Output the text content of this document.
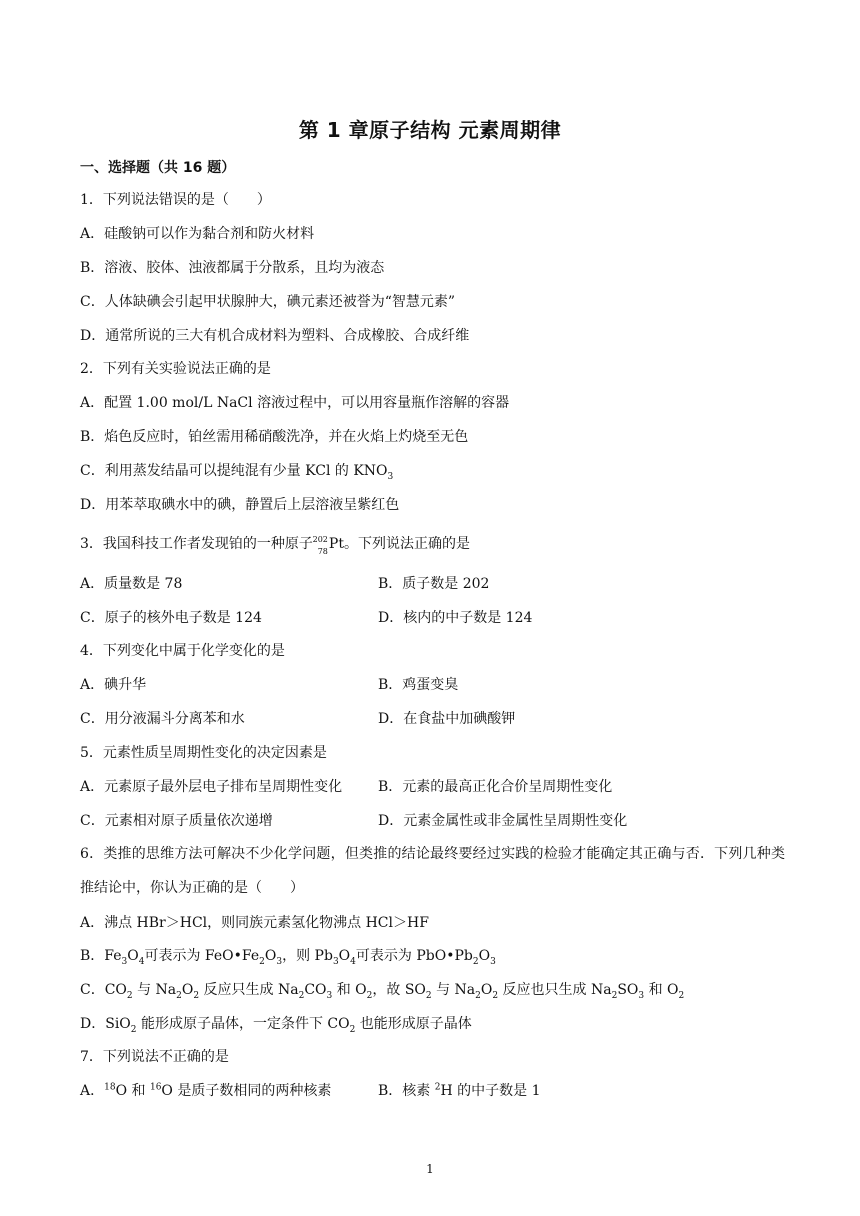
第 1 章原子结构 元素周期律
一、选择题（共 16 题）
1．下列说法错误的是（　　）
A．硅酸钠可以作为黏合剂和防火材料
B．溶液、胶体、浊液都属于分散系，且均为液态
C．人体缺碘会引起甲状腺肿大，碘元素还被誉为“智慧元素”
D．通常所说的三大有机合成材料为塑料、合成橡胶、合成纤维
2．下列有关实验说法正确的是
A．配置 1.00 mol/L NaCl 溶液过程中，可以用容量瓶作溶解的容器
B．焰色反应时，铂丝需用稀硝酸洗净，并在火焰上灼烧至无色
C．利用蒸发结晶可以提纯混有少量 KCl 的 $KNO_3$
D．用苯萃取碘水中的碘，静置后上层溶液呈紫红色
3．我国科技工作者发现铂的一种原子 202
78 Pt。下列说法正确的是
A．质量数是 78	B．质子数是 202
C．原子的核外电子数是 124	D．核内的中子数是 124
4．下列变化中属于化学变化的是
A．碘升华	B．鸡蛋变臭
C．用分液漏斗分离苯和水	D．在食盐中加碘酸钾
5．元素性质呈周期性变化的决定因素是
A．元素原子最外层电子排布呈周期性变化	B．元素的最高正化合价呈周期性变化
C．元素相对原子质量依次递增	D．元素金属性或非金属性呈周期性变化
6．类推的思维方法可解决不少化学问题，但类推的结论最终要经过实践的检验才能确定其正确与否．下列几种类推结论中，你认为正确的是（　　）
A．沸点 HBr＞HCl，则同族元素氢化物沸点 HCl＞HF
B．$Fe_3O_4$可表示为 $FeO•Fe_2O_3$，则 $Pb_3O_4$可表示为 $PbO•Pb_2O_3$
C．$CO_2$ 与 $Na_2O_2$ 反应只生成 $Na_2CO_3$ 和 $O_2$，故 $SO_2$ 与 $Na_2O_2$ 反应也只生成 $Na_2SO_3$ 和 $O_2$
D．SiO$_2$ 能形成原子晶体，一定条件下 $CO_2$ 也能形成原子晶体
7．下列说法不正确的是
A．$^{18}$O 和 $^{16}$O 是质子数相同的两种核素	B．核素 $^2$H 的中子数是 1
1
